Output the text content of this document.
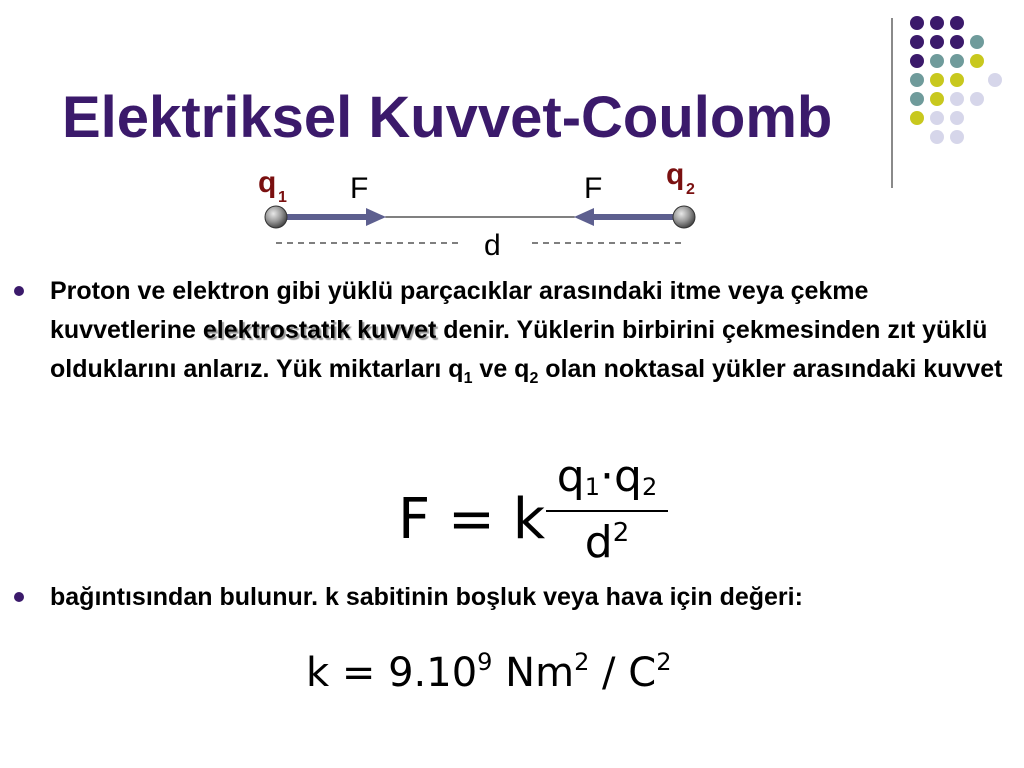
Elektriksel Kuvvet-Coulomb
q 1
q 2
F	F
d

Proton ve elektron gibi yüklü parçacıklar arasındaki itme veya çekme kuvvetlerine elektrostatik kuvvet denir. Yüklerin birbirini çekmesinden zıt yüklü olduklarını anlarız. Yük miktarları $q_1$ ve $q_2$ olan noktasal yükler arasındaki kuvvet

F = k
$q_1\cdot q_2$
$d^2$

bağıntısından bulunur. k sabitinin boşluk veya hava için değeri:

$k = 9.10^9$ $Nm^2 / C^2$
